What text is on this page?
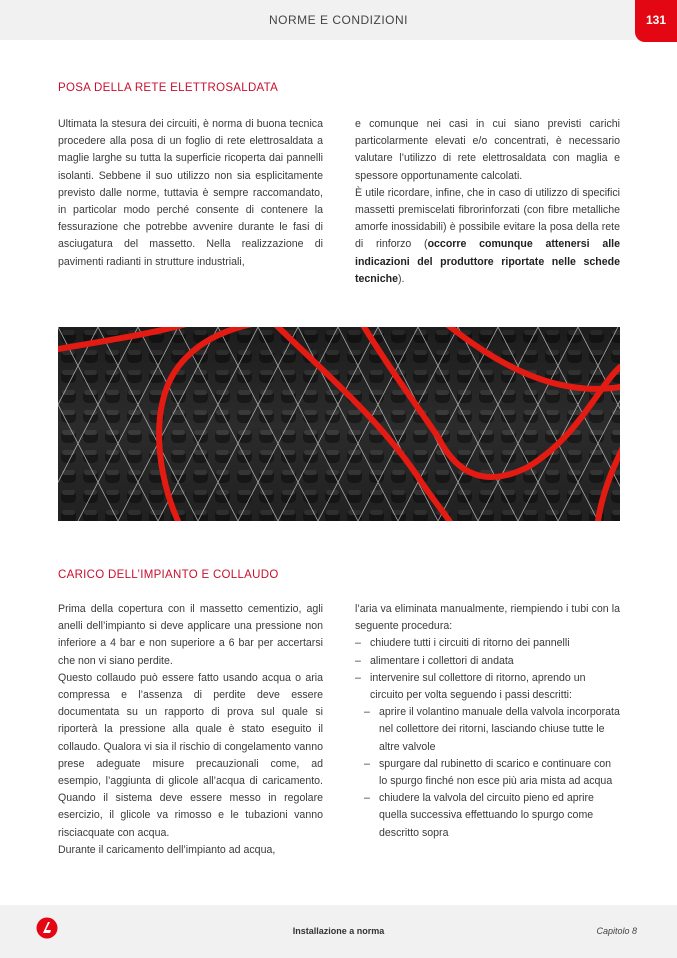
NORME E CONDIZIONI	131
POSA DELLA RETE ELETTROSALDATA

Ultimata la stesura dei circuiti, è norma di buona tecnica procedere alla posa di un foglio di rete elettrosaldata a maglie larghe su tutta la superficie ricoperta dai pannelli isolanti. Sebbene il suo utilizzo non sia esplicitamente previsto dalle norme, tuttavia è sempre raccomandato, in particolar modo perché consente di contenere la fessurazione che potrebbe avvenire durante le fasi di asciugatura del massetto. Nella realizzazione di pavimenti radianti in strutture industriali,

e comunque nei casi in cui siano previsti carichi particolarmente elevati e/o concentrati, è necessario valutare l’utilizzo di rete elettrosaldata con maglia e spessore opportunamente calcolati.

È utile ricordare, infine, che in caso di utilizzo di specifici massetti premiscelati fibrorinforzati (con fibre metalliche amorfe inossidabili) è possibile evitare la posa della rete di rinforzo (occorre comunque attenersi alle indicazioni del produttore riportate nelle schede tecniche).

CARICO DELL’IMPIANTO E COLLAUDO

Prima della copertura con il massetto cementizio, agli anelli dell’impianto si deve applicare una pressione non inferiore a 4 bar e non superiore a 6 bar per accertarsi che non vi siano perdite.

Questo collaudo può essere fatto usando acqua o aria compressa e l’assenza di perdite deve essere documentata su un rapporto di prova sul quale si riporterà la pressione alla quale è stato eseguito il collaudo. Qualora vi sia il rischio di congelamento vanno prese adeguate misure precauzionali come, ad esempio, l’aggiunta di glicole all’acqua di caricamento. Quando il sistema deve essere messo in regolare esercizio, il glicole va rimosso e le tubazioni vanno risciacquate con acqua.

Durante il caricamento dell’impianto ad acqua,

l’aria va eliminata manualmente, riempiendo i tubi con la seguente procedura:

– chiudere tutti i circuiti di ritorno dei pannelli
– alimentare i collettori di andata
– intervenire sul collettore di ritorno, aprendo un circuito per volta seguendo i passi descritti:
– aprire il volantino manuale della valvola incorporata nel collettore dei ritorni, lasciando chiuse tutte le altre valvole
– spurgare dal rubinetto di scarico e continuare con lo spurgo finché non esce più aria mista ad acqua
– chiudere la valvola del circuito pieno ed aprire quella successiva effettuando lo spurgo come descritto sopra
Installazione a norma	Capitolo 8
